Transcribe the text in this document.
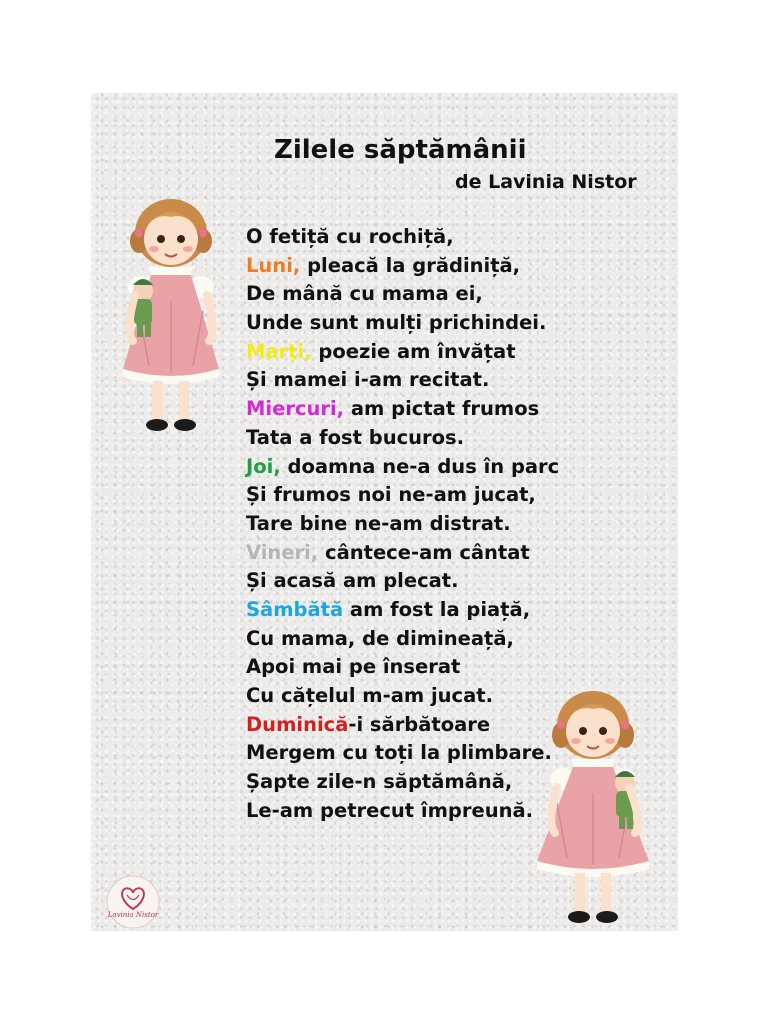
Zilele săptămânii
de Lavinia Nistor
O fetiță cu rochiță,
Luni, pleacă la grădiniță,
De mână cu mama ei,
Unde sunt mulți prichindei.
Marți, poezie am învățat
Și mamei i-am recitat.
Miercuri, am pictat frumos
Tata a fost bucuros.
Joi, doamna ne-a dus în parc
Și frumos noi ne-am jucat,
Tare bine ne-am distrat.
Vineri, cântece-am cântat
Și acasă am plecat.
Sâmbătă am fost la piață,
Cu mama, de dimineață,
Apoi mai pe înserat
Cu cățelul m-am jucat.
Duminică-i sărbătoare
Mergem cu toți la plimbare.
Șapte zile-n săptămână,
Le-am petrecut împreună.
Lavinia Nistor
